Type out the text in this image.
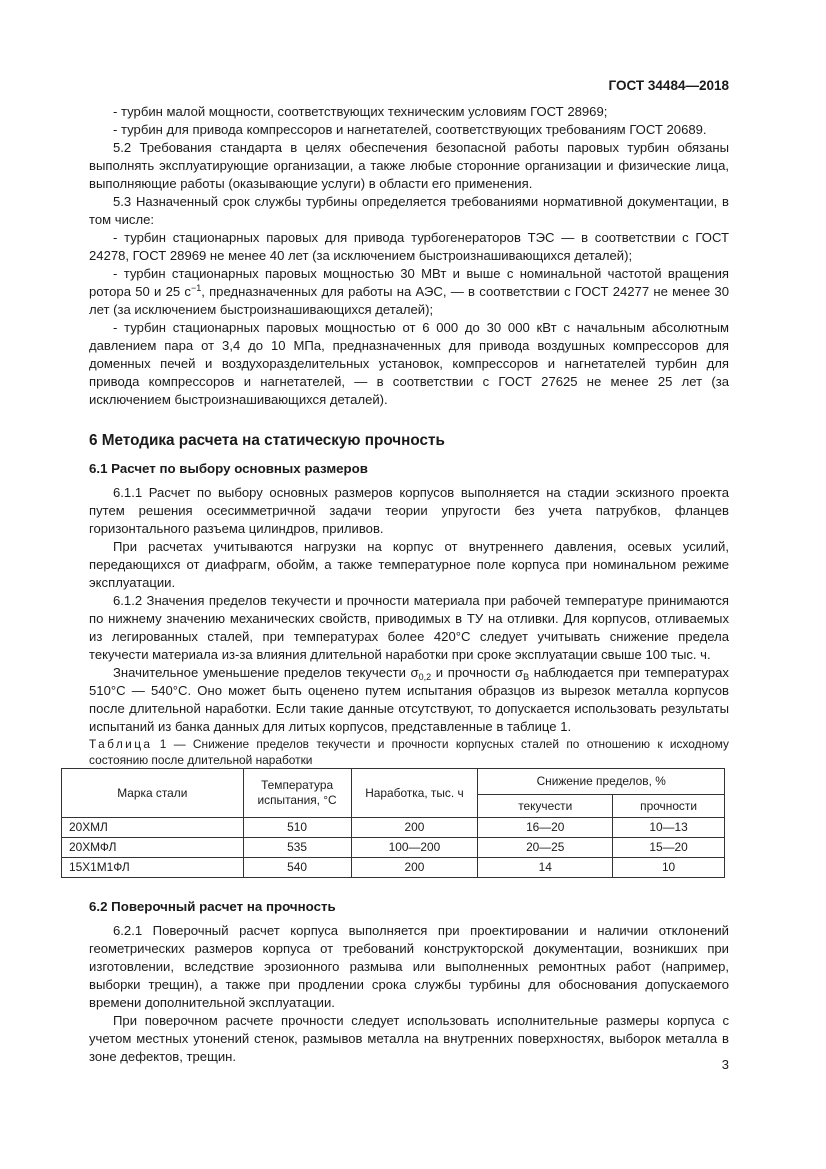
ГОСТ 34484—2018

- турбин малой мощности, соответствующих техническим условиям ГОСТ 28969;

- турбин для привода компрессоров и нагнетателей, соответствующих требованиям ГОСТ 20689.

5.2 Требования стандарта в целях обеспечения безопасной работы паровых турбин обязаны выполнять эксплуатирующие организации, а также любые сторонние организации и физические лица, выполняющие работы (оказывающие услуги) в области его применения.

5.3 Назначенный срок службы турбины определяется требованиями нормативной документации, в том числе:

- турбин стационарных паровых для привода турбогенераторов ТЭС — в соответствии с ГОСТ 24278, ГОСТ 28969 не менее 40 лет (за исключением быстроизнашивающихся деталей);

- турбин стационарных паровых мощностью 30 МВт и выше с номинальной частотой вращения ротора 50 и 25 $с^{-1}$, предназначенных для работы на АЭС, — в соответствии с ГОСТ 24277 не менее 30 лет (за исключением быстроизнашивающихся деталей);

- турбин стационарных паровых мощностью от 6 000 до 30 000 кВт с начальным абсолютным давлением пара от 3,4 до 10 МПа, предназначенных для привода воздушных компрессоров для доменных печей и воздухоразделительных установок, компрессоров и нагнетателей турбин для привода компрессоров и нагнетателей, — в соответствии с ГОСТ 27625 не менее 25 лет (за исключением быстроизнашивающихся деталей).

6 Методика расчета на статическую прочность
6.1 Расчет по выбору основных размеров

6.1.1 Расчет по выбору основных размеров корпусов выполняется на стадии эскизного проекта путем решения осесимметричной задачи теории упругости без учета патрубков, фланцев горизонтального разъема цилиндров, приливов.

При расчетах учитываются нагрузки на корпус от внутреннего давления, осевых усилий, передающихся от диафрагм, обойм, а также температурное поле корпуса при номинальном режиме эксплуатации.

6.1.2 Значения пределов текучести и прочности материала при рабочей температуре принимаются по нижнему значению механических свойств, приводимых в ТУ на отливки. Для корпусов, отливаемых из легированных сталей, при температурах более 420°С следует учитывать снижение предела текучести материала из-за влияния длительной наработки при сроке эксплуатации свыше 100 тыс. ч.

Значительное уменьшение пределов текучести $\sigma_{0,2}$ и прочности $\sigma_В$ наблюдается при температурах 510°С — 540°С. Оно может быть оценено путем испытания образцов из вырезок металла корпусов после длительной наработки. Если такие данные отсутствуют, то допускается использовать результаты испытаний из банка данных для литых корпусов, представленные в таблице 1.

Таблица 1 — Снижение пределов текучести и прочности корпусных сталей по отношению к исходному состоянию после длительной наработки

Марка стали	Температура испытания, °С	Наработка, тыс. ч	Снижение пределов, %	
			текучести	прочности
20ХМЛ	510	200	16—20	10—13
20ХМФЛ	535	100—200	20—25	15—20
15Х1М1ФЛ	540	200	14	10
6.2 Поверочный расчет на прочность

6.2.1 Поверочный расчет корпуса выполняется при проектировании и наличии отклонений геометрических размеров корпуса от требований конструкторской документации, возникших при изготовлении, вследствие эрозионного размыва или выполненных ремонтных работ (например, выборки трещин), а также при продлении срока службы турбины для обоснования допускаемого времени дополнительной эксплуатации.

При поверочном расчете прочности следует использовать исполнительные размеры корпуса с учетом местных утонений стенок, размывов металла на внутренних поверхностях, выборок металла в зоне дефектов, трещин.

3
